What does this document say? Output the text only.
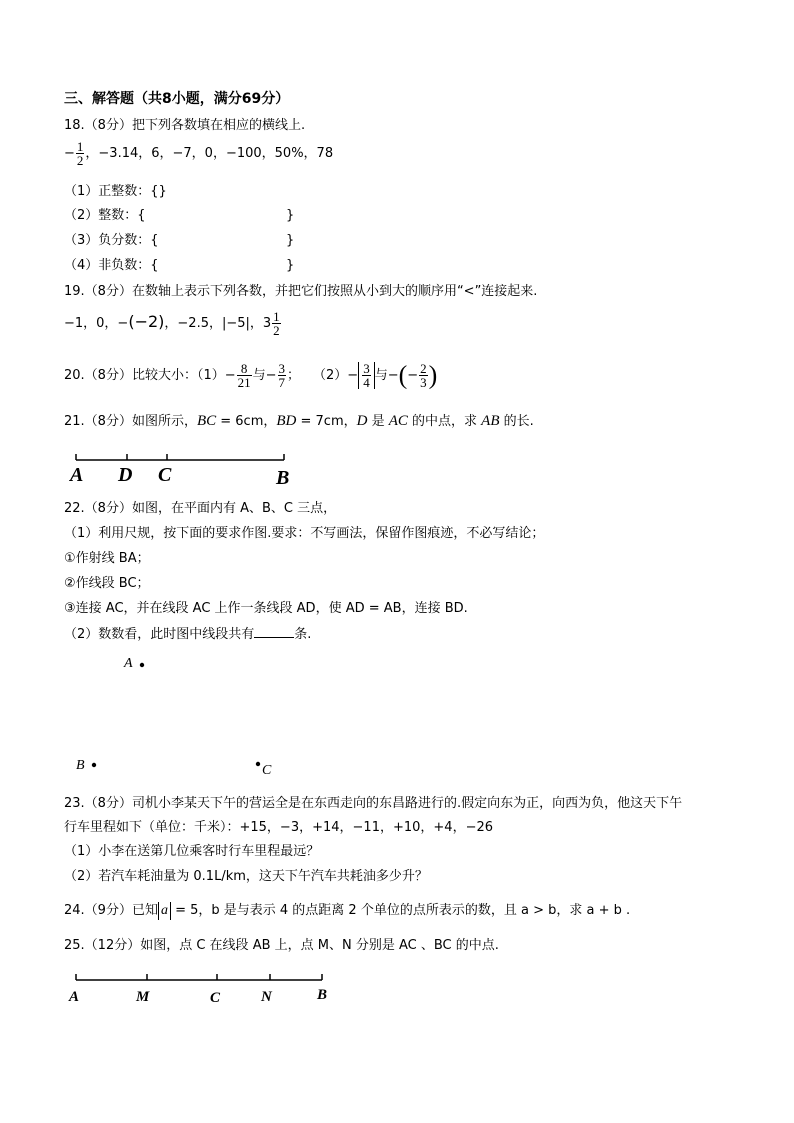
三、解答题（共8小题，满分69分）
18.（8分）把下列各数填在相应的横线上.
− $\frac{1}{2}$ ，−3.14，6，−7，0，−100，50%，78
（1）正整数：{}
（2）整数：{	}
（3）负分数：{	}
（4）非负数：{	}
19.（8分）在数轴上表示下列各数，并把它们按照从小到大的顺序用“<”连接起来.
−1，0，−(−2)，−2.5，|−5|，$3 \frac{1}{2}$
20.（8分）比较大小：$(1)- \frac{8}{21}$ 与− $\frac{3}{7}$ ；　　$(2)- \frac{3}{4}$ 与−(− $\frac{2}{3}$ )
21.（8分）如图所示，BC = 6cm，BD = 7cm，D 是 AC 的中点，求 AB 的长.
A D C	B
22.（8分）如图，在平面内有 A、B、C 三点，
（1）利用尺规，按下面的要求作图.要求：不写画法，保留作图痕迹，不必写结论；
①作射线 BA；
②作线段 BC；
③连接 AC，并在线段 AC 上作一条线段 AD，使 AD = AB，连接 BD.
（2）数数看，此时图中线段共有	条.
A
B	C
23.（8分）司机小李某天下午的营运全是在东西走向的东昌路进行的.假定向东为正，向西为负，他这天下午
行车里程如下（单位：千米）：+15，−3，+14，−11，+10，+4，−26
（1）小李在送第几位乘客时行车里程最远？
（2）若汽车耗油量为 0.1L/km，这天下午汽车共耗油多少升？
24.（9分）已知 a = 5，b 是与表示 4 的点距离 2 个单位的点所表示的数，且 a > b，求 a + b .
25.（12分）如图，点 C 在线段 AB 上，点 M、N 分别是 AC 、BC 的中点.
A	M	C	N	B
